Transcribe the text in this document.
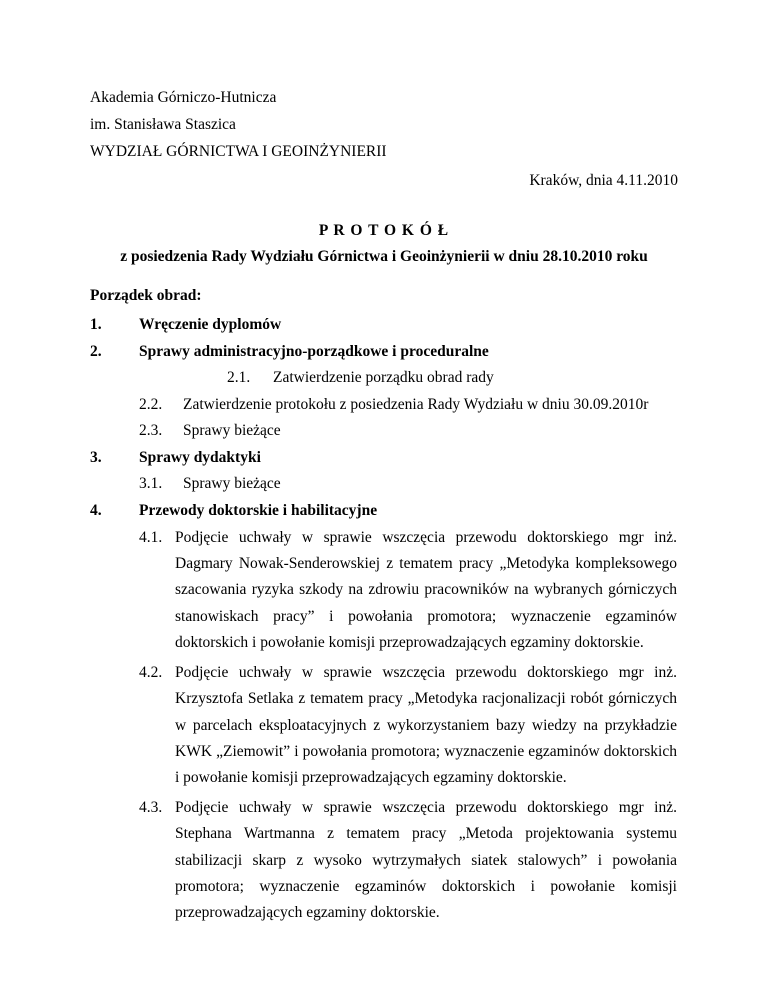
Akademia Górniczo-Hutnicza
im. Stanisława Staszica
WYDZIAŁ GÓRNICTWA I GEOINŻYNIERII
Kraków, dnia 4.11.2010
P R O T O K Ó Ł
z posiedzenia Rady Wydziału Górnictwa i Geoinżynierii w dniu 28.10.2010 roku
Porządek obrad:
1. Wręczenie dyplomów
2. Sprawy administracyjno-porządkowe i proceduralne
2.1. Zatwierdzenie porządku obrad rady
2.2. Zatwierdzenie protokołu z posiedzenia Rady Wydziału w dniu 30.09.2010r
2.3. Sprawy bieżące
3. Sprawy dydaktyki
3.1. Sprawy bieżące
4. Przewody doktorskie i habilitacyjne
4.1. Podjęcie uchwały w sprawie wszczęcia przewodu doktorskiego mgr inż.
Dagmary Nowak-Senderowskiej z tematem pracy „Metodyka kompleksowego
szacowania ryzyka szkody na zdrowiu pracowników na wybranych górniczych
stanowiskach pracy” i powołania promotora; wyznaczenie egzaminów
doktorskich i powołanie komisji przeprowadzających egzaminy doktorskie.
4.2. Podjęcie uchwały w sprawie wszczęcia przewodu doktorskiego mgr inż.
Krzysztofa Setlaka z tematem pracy „Metodyka racjonalizacji robót górniczych
w parcelach eksploatacyjnych z wykorzystaniem bazy wiedzy na przykładzie
KWK „Ziemowit” i powołania promotora; wyznaczenie egzaminów doktorskich
i powołanie komisji przeprowadzających egzaminy doktorskie.
4.3. Podjęcie uchwały w sprawie wszczęcia przewodu doktorskiego mgr inż.
Stephana Wartmanna z tematem pracy „Metoda projektowania systemu
stabilizacji skarp z wysoko wytrzymałych siatek stalowych” i powołania
promotora; wyznaczenie egzaminów doktorskich i powołanie komisji
przeprowadzających egzaminy doktorskie.
